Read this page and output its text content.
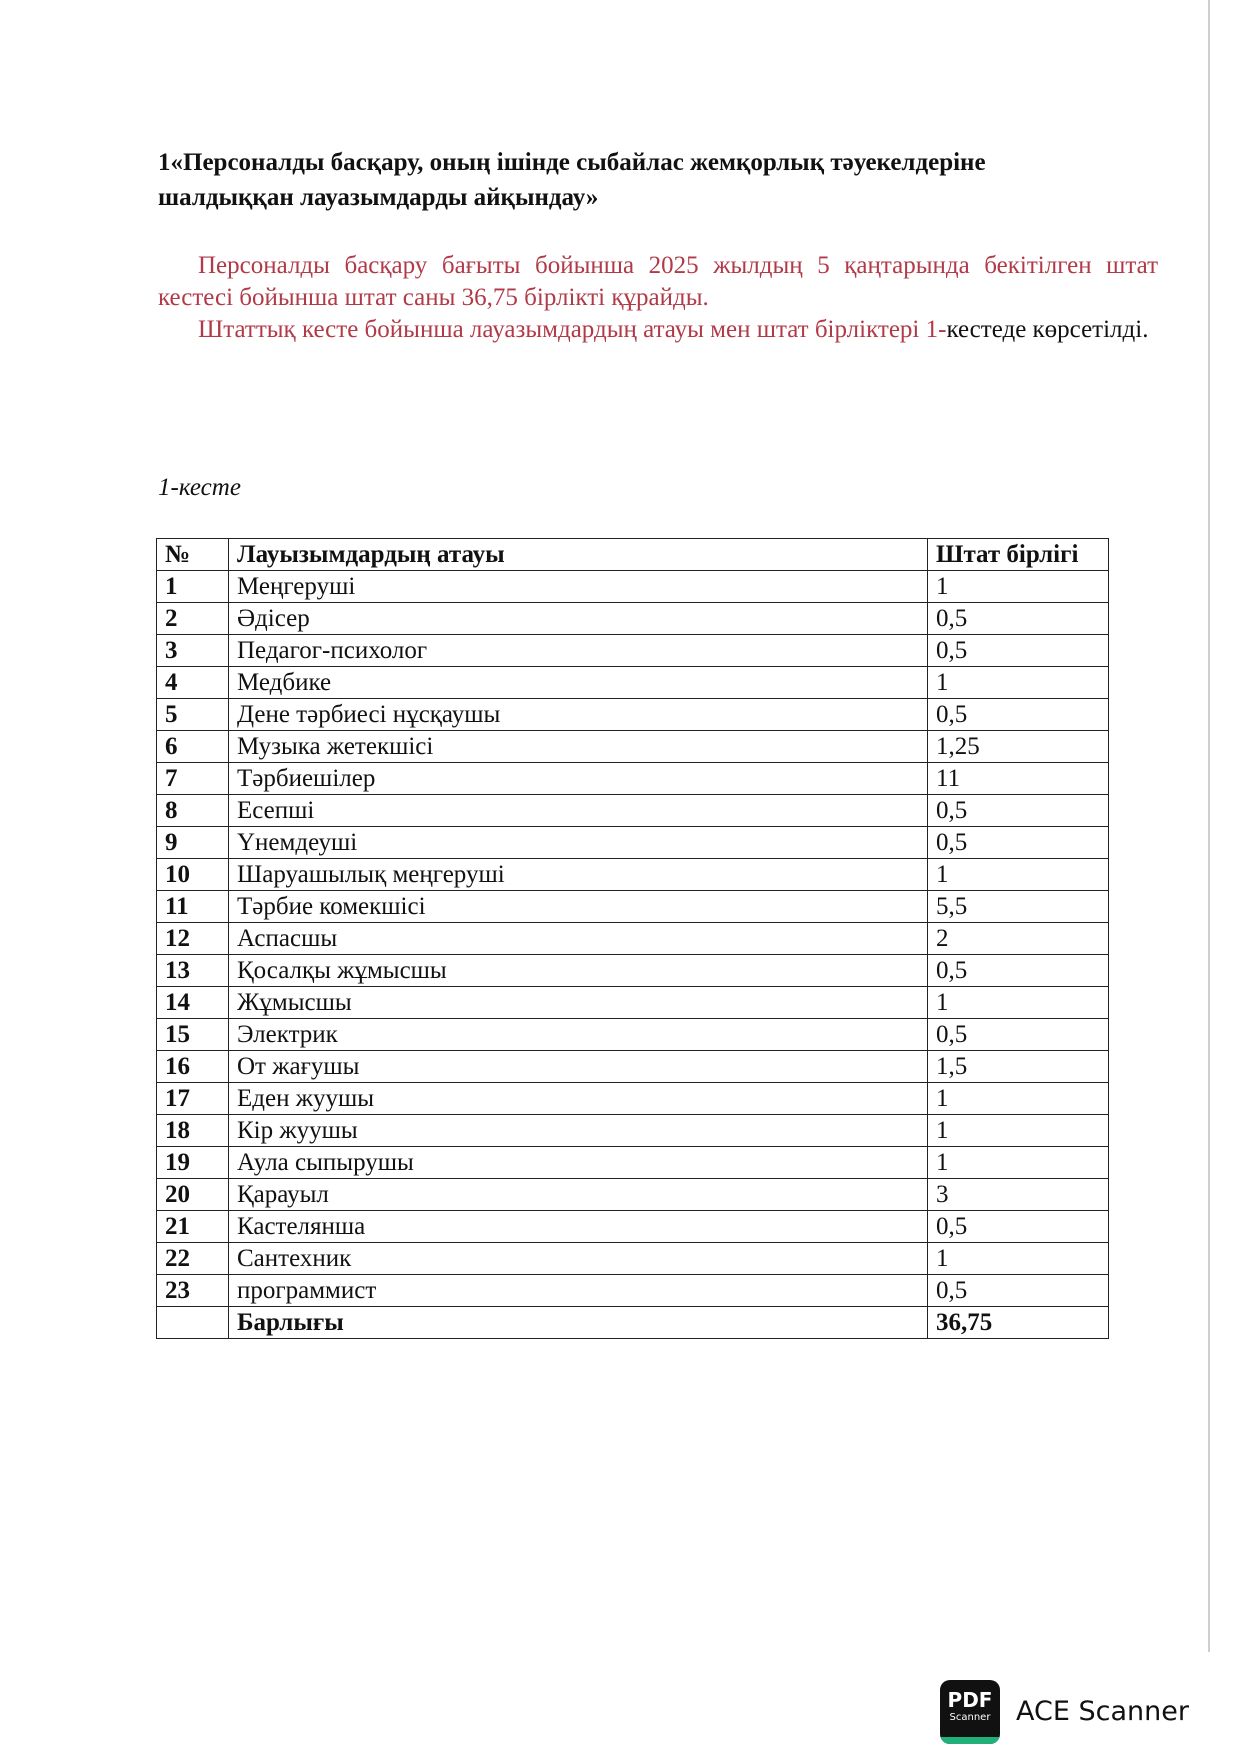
1«Персоналды басқару, оның ішінде сыбайлас жемқорлық тәуекелдеріне шалдыққан лауазымдарды айқындау»

Персоналды басқару бағыты бойынша 2025 жылдың 5 қаңтарында бекітілген штат кестесі бойынша штат саны 36,75 бірлікті құрайды.

Штаттық кесте бойынша лауазымдардың атауы мен штат бірліктері 1-кестеде көрсетілді.

1-кесте

№	Лауызымдардың атауы	Штат бірлігі
1	Меңгеруші	1
2	Әдісер	0,5
3	Педагог-психолог	0,5
4	Медбике	1
5	Дене тәрбиесі нұсқаушы	0,5
6	Музыка жетекшісі	1,25
7	Тәрбиешілер	11
8	Есепші	0,5
9	Үнемдеуші	0,5
10	Шаруашылық меңгеруші	1
11	Тәрбие комекшісі	5,5
12	Аспасшы	2
13	Қосалқы жұмысшы	0,5
14	Жұмысшы	1
15	Электрик	0,5
16	От жағушы	1,5
17	Еден жуушы	1
18	Кір жуушы	1
19	Аула сыпырушы	1
20	Қарауыл	3
21	Кастелянша	0,5
22	Сантехник	1
23	программист	0,5
	Барлығы	36,75
PDF
Scanner ACE Scanner
